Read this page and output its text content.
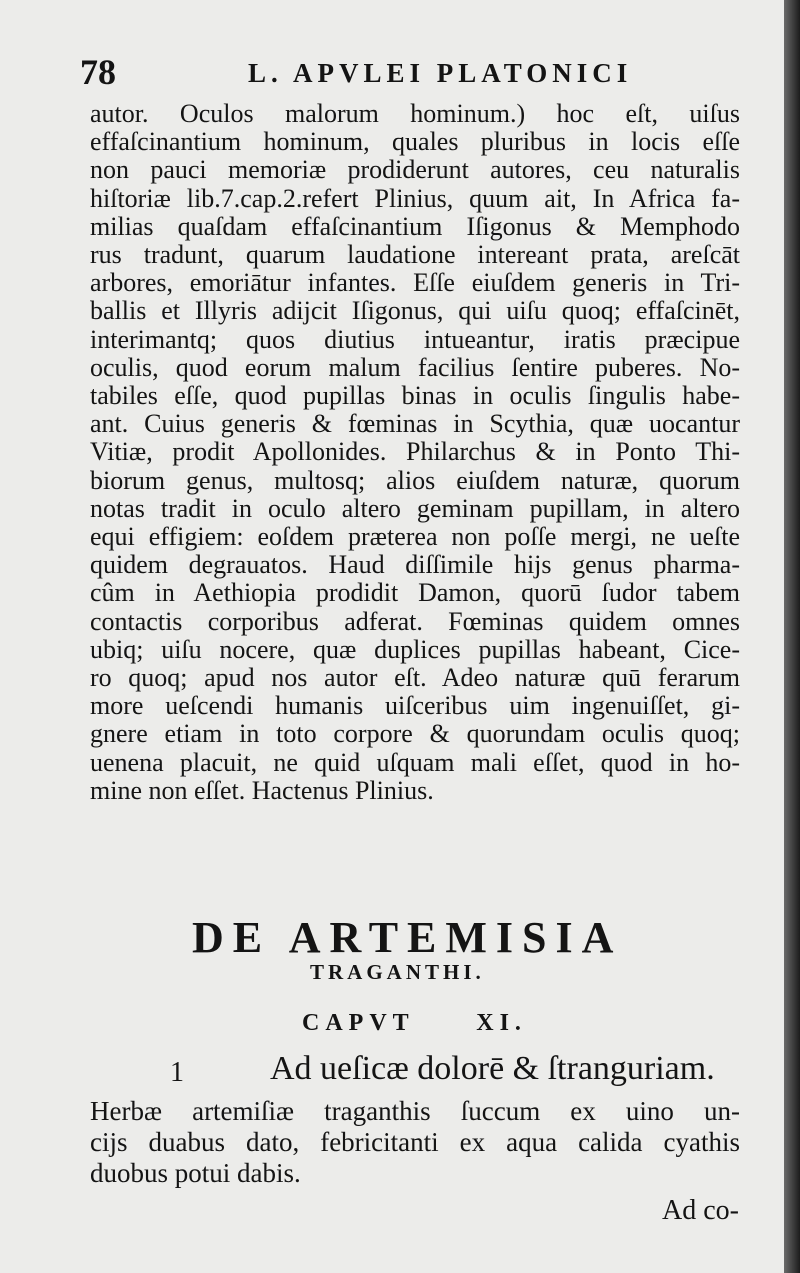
78	L. APVLEI PLATONICI
autor. Oculos malorum hominum.) hoc eſt, uiſus
effaſcinantium hominum, quales pluribus in locis eſſe
non pauci memoriæ prodiderunt autores, ceu naturalis
hiſtoriæ lib.7.cap.2.refert Plinius, quum ait, In Africa fa-
milias quaſdam effaſcinantium Iſigonus & Memphodo
rus tradunt, quarum laudatione intereant prata, areſcāt
arbores, emoriātur infantes. Eſſe eiuſdem generis in Tri-
ballis et Illyris adijcit Iſigonus, qui uiſu quoq; effaſcinēt,
interimantq; quos diutius intueantur, iratis præcipue
oculis, quod eorum malum facilius ſentire puberes. No-
tabiles eſſe, quod pupillas binas in oculis ſingulis habe-
ant. Cuius generis & fœminas in Scythia, quæ uocantur
Vitiæ, prodit Apollonides. Philarchus & in Ponto Thi-
biorum genus, multosq; alios eiuſdem naturæ, quorum
notas tradit in oculo altero geminam pupillam, in altero
equi effigiem: eoſdem præterea non poſſe mergi, ne ueſte
quidem degrauatos. Haud diſſimile hijs genus pharma-
cûm in Aethiopia prodidit Damon, quorū ſudor tabem
contactis corporibus adferat. Fœminas quidem omnes
ubiq; uiſu nocere, quæ duplices pupillas habeant, Cice-
ro quoq; apud nos autor eſt. Adeo naturæ quū ferarum
more ueſcendi humanis uiſceribus uim ingenuiſſet, gi-
gnere etiam in toto corpore & quorundam oculis quoq;
uenena placuit, ne quid uſquam mali eſſet, quod in ho-
mine non eſſet. Hactenus Plinius.
DE ARTEMISIA
TRAGANTHI.
CAPVT	XI.
1	Ad ueſicæ dolorē & ſtranguriam.
Herbæ artemiſiæ traganthis ſuccum ex uino un-
cijs duabus dato, febricitanti ex aqua calida cyathis
duobus potui dabis.
Ad co-
